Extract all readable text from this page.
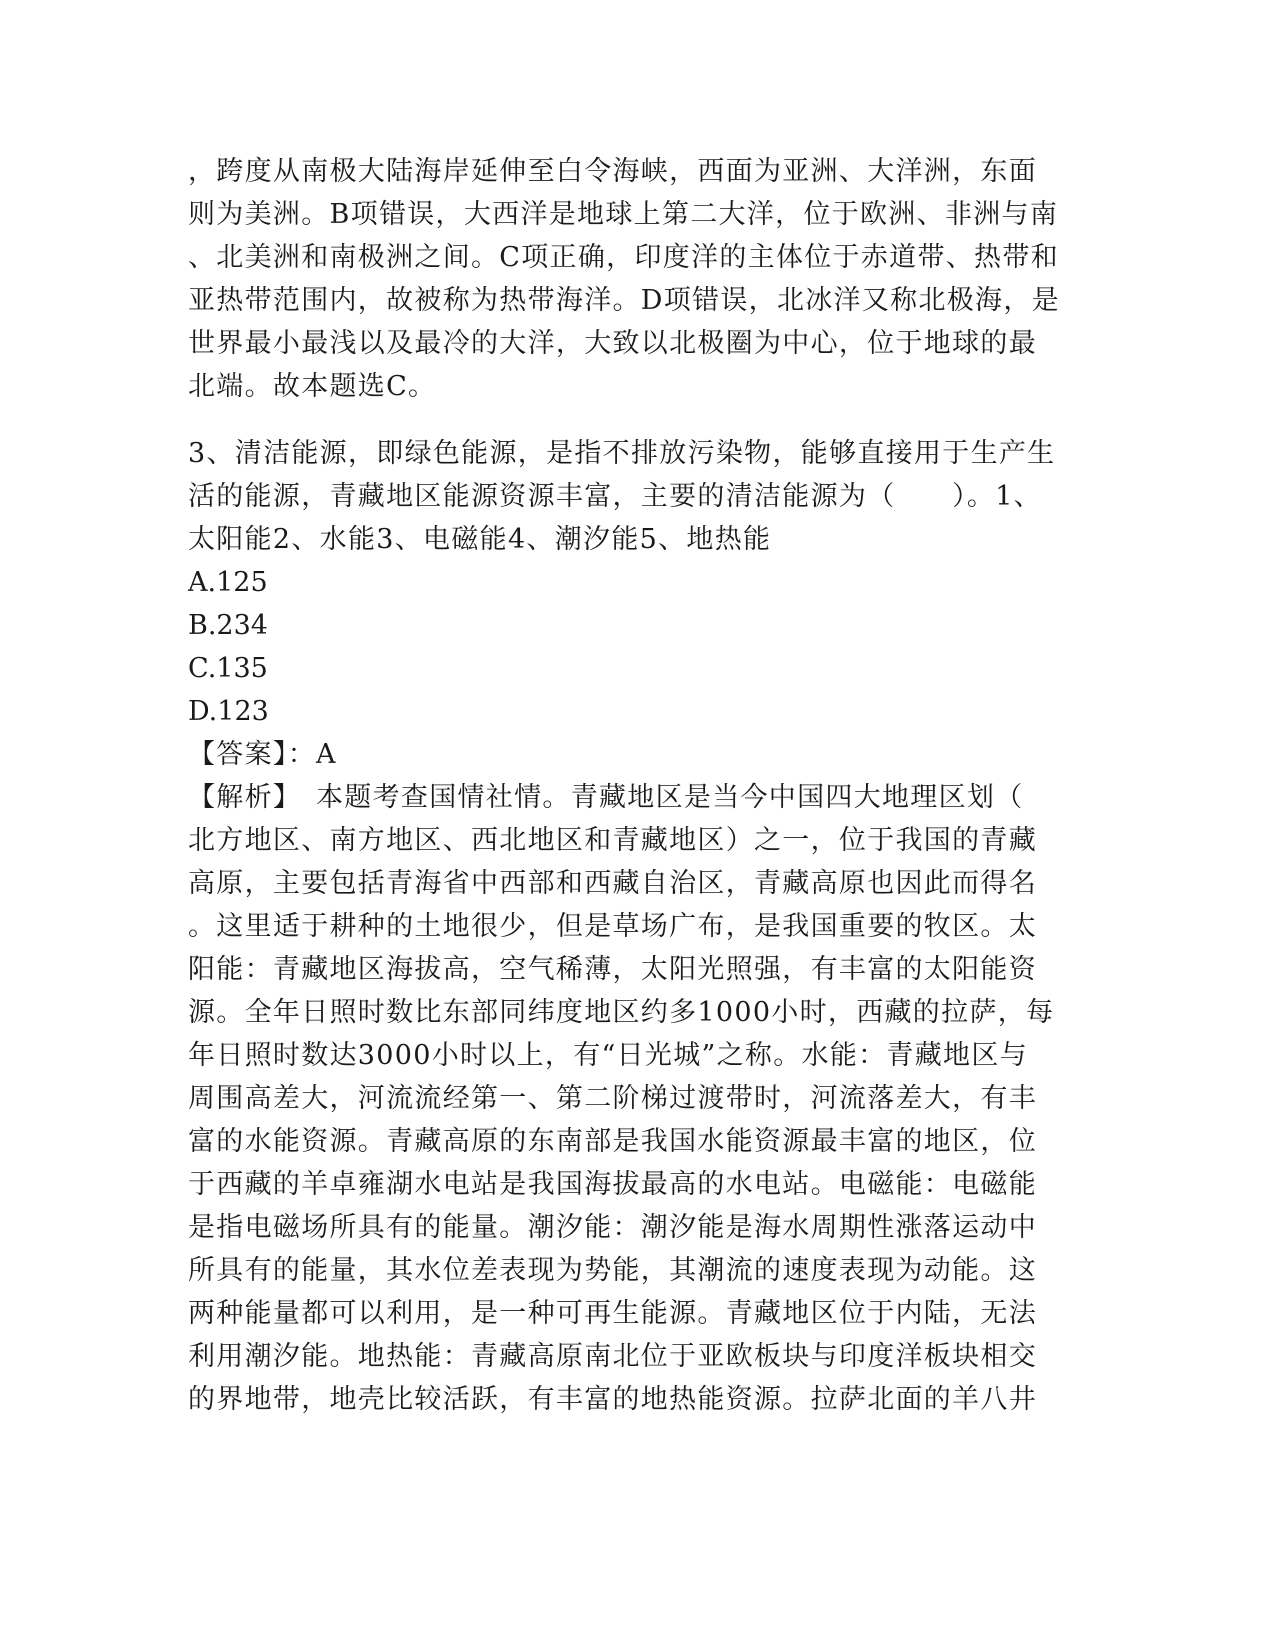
，跨度从南极大陆海岸延伸至白令海峡，西面为亚洲、大洋洲，东面
则为美洲。B项错误，大西洋是地球上第二大洋，位于欧洲、非洲与南
、北美洲和南极洲之间。C项正确，印度洋的主体位于赤道带、热带和
亚热带范围内，故被称为热带海洋。D项错误，北冰洋又称北极海，是
世界最小最浅以及最冷的大洋，大致以北极圈为中心，位于地球的最
北端。故本题选C。
3、清洁能源，即绿色能源，是指不排放污染物，能够直接用于生产生
活的能源，青藏地区能源资源丰富，主要的清洁能源为（　　）。1、
太阳能2、水能3、电磁能4、潮汐能5、地热能
A.125
B.234
C.135
D.123
【答案】：A
【解析】　本题考查国情社情。青藏地区是当今中国四大地理区划（
北方地区、南方地区、西北地区和青藏地区）之一，位于我国的青藏
高原，主要包括青海省中西部和西藏自治区，青藏高原也因此而得名
。这里适于耕种的土地很少，但是草场广布，是我国重要的牧区。太
阳能：青藏地区海拔高，空气稀薄，太阳光照强，有丰富的太阳能资
源。全年日照时数比东部同纬度地区约多1000小时，西藏的拉萨，每
年日照时数达3000小时以上，有“日光城”之称。水能：青藏地区与
周围高差大，河流流经第一、第二阶梯过渡带时，河流落差大，有丰
富的水能资源。青藏高原的东南部是我国水能资源最丰富的地区，位
于西藏的羊卓雍湖水电站是我国海拔最高的水电站。电磁能：电磁能
是指电磁场所具有的能量。潮汐能：潮汐能是海水周期性涨落运动中
所具有的能量，其水位差表现为势能，其潮流的速度表现为动能。这
两种能量都可以利用，是一种可再生能源。青藏地区位于内陆，无法
利用潮汐能。地热能：青藏高原南北位于亚欧板块与印度洋板块相交
的界地带，地壳比较活跃，有丰富的地热能资源。拉萨北面的羊八井
